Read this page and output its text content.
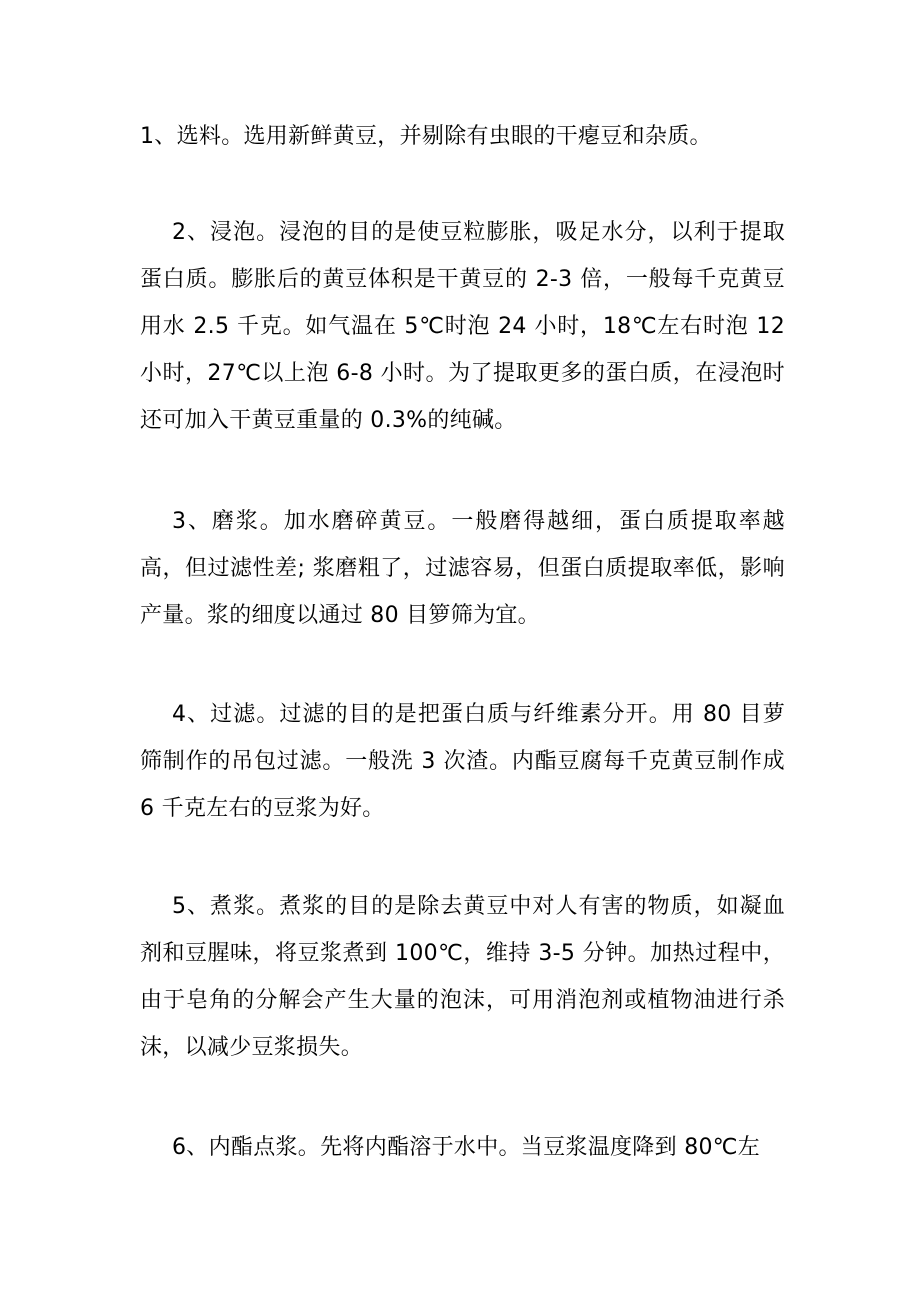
1、选料。选用新鲜黄豆，并剔除有虫眼的干瘪豆和杂质。

2、浸泡。浸泡的目的是使豆粒膨胀，吸足水分，以利于提取蛋白质。膨胀后的黄豆体积是干黄豆的 2-3 倍，一般每千克黄豆用水 2.5 千克。如气温在 5℃时泡 24 小时，18℃左右时泡 12 小时，27℃以上泡 6-8 小时。为了提取更多的蛋白质，在浸泡时还可加入干黄豆重量的 0.3%的纯碱。

3、磨浆。加水磨碎黄豆。一般磨得越细，蛋白质提取率越高，但过滤性差; 浆磨粗了，过滤容易，但蛋白质提取率低，影响产量。浆的细度以通过 80 目箩筛为宜。

4、过滤。过滤的目的是把蛋白质与纤维素分开。用 80 目萝筛制作的吊包过滤。一般洗 3 次渣。内酯豆腐每千克黄豆制作成 6 千克左右的豆浆为好。

5、煮浆。煮浆的目的是除去黄豆中对人有害的物质，如凝血剂和豆腥味，将豆浆煮到 100℃，维持 3-5 分钟。加热过程中，由于皂角的分解会产生大量的泡沫，可用消泡剂或植物油进行杀沫，以减少豆浆损失。

6、内酯点浆。先将内酯溶于水中。当豆浆温度降到 80℃左
